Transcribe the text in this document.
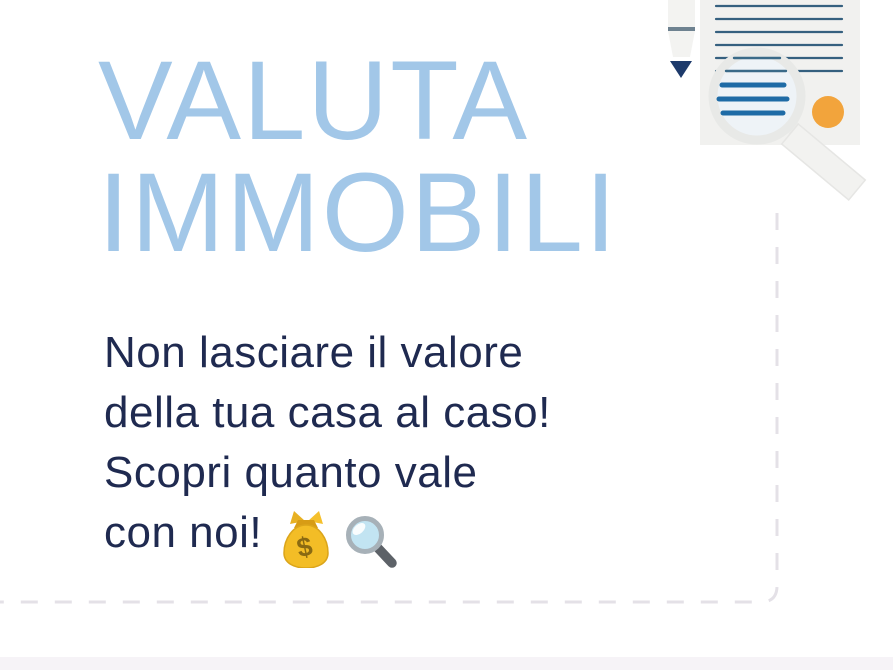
VALUTA
IMMOBILI
Non lasciare il valore
della tua casa al caso!
Scopri quanto vale
con noi! $
